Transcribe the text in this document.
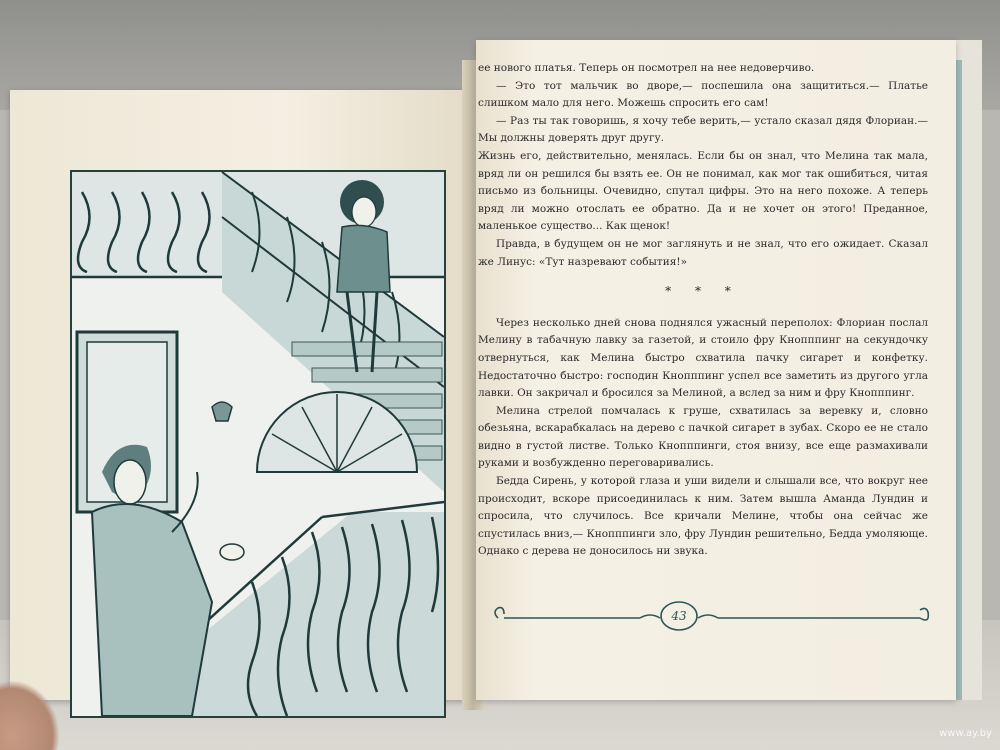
ее нового платья. Теперь он посмотрел на нее недоверчиво.

— Это тот мальчик во дворе,— поспешила она защититься.— Платье слишком мало для него. Можешь спросить его сам!

— Раз ты так говоришь, я хочу тебе верить,— устало сказал дядя Флориан.— Мы должны доверять друг другу.

Жизнь его, действительно, менялась. Если бы он знал, что Мелина так мала, вряд ли он решился бы взять ее. Он не понимал, как мог так ошибиться, читая письмо из больницы. Очевидно, спутал цифры. Это на него похоже. А теперь вряд ли можно отослать ее обратно. Да и не хочет он этого! Преданное, маленькое существо... Как щенок!

Правда, в будущем он не мог заглянуть и не знал, что его ожидает. Сказал же Линус: «Тут назревают события!»

* * *

Через несколько дней снова поднялся ужасный переполох: Флориан послал Мелину в табачную лавку за газетой, и стоило фру Кнопппинг на секундочку отвернуться, как Мелина быстро схватила пачку сигарет и конфетку. Недостаточно быстро: господин Кнопппинг успел все заметить из другого угла лавки. Он закричал и бросился за Мелиной, а вслед за ним и фру Кнопппинг.

Мелина стрелой помчалась к груше, схватилась за веревку и, словно обезьяна, вскарабкалась на дерево с пачкой сигарет в зубах. Скоро ее не стало видно в густой листве. Только Кнопппинги, стоя внизу, все еще размахивали руками и возбужденно переговаривались.

Бедда Сирень, у которой глаза и уши видели и слышали все, что вокруг нее происходит, вскоре присоединилась к ним. Затем вышла Аманда Лундин и спросила, что случилось. Все кричали Мелине, чтобы она сейчас же спустилась вниз,— Кнопппинги зло, фру Лундин решительно, Бедда умоляюще. Однако с дерева не доносилось ни звука.

43
www.ay.by
